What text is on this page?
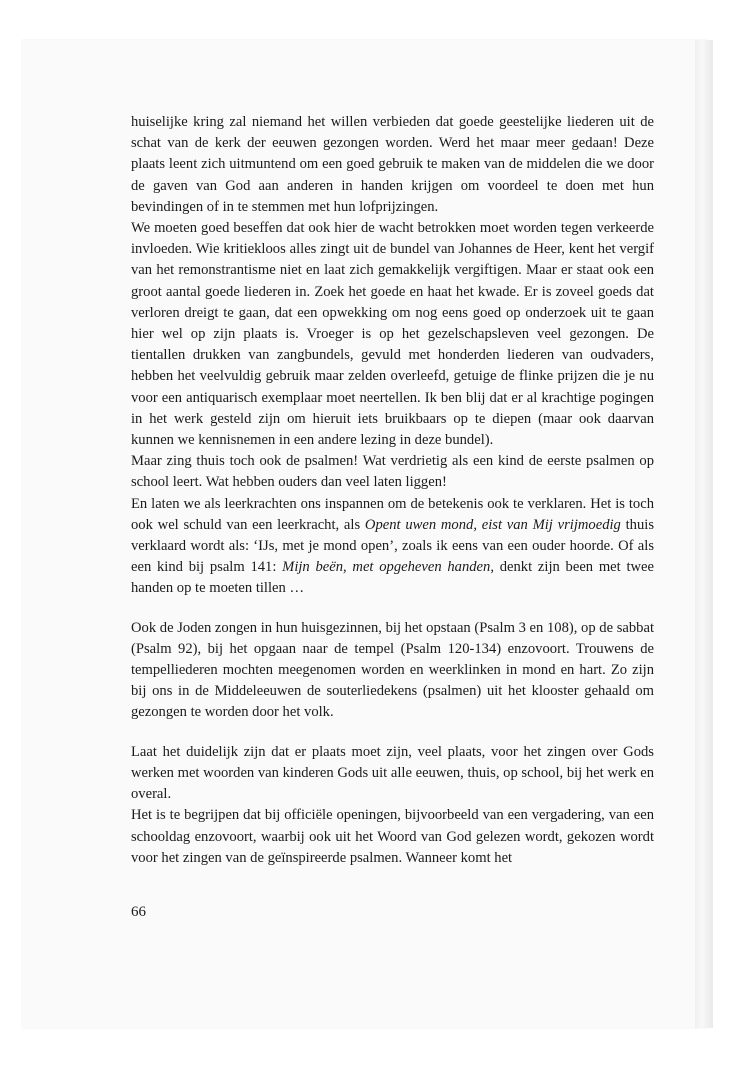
huiselijke kring zal niemand het willen verbieden dat goede geestelijke liederen uit de schat van de kerk der eeuwen gezongen worden. Werd het maar meer gedaan! Deze plaats leent zich uitmuntend om een goed gebruik te maken van de middelen die we door de gaven van God aan anderen in handen krijgen om voordeel te doen met hun bevindingen of in te stemmen met hun lofprijzingen.

We moeten goed beseffen dat ook hier de wacht betrokken moet worden tegen verkeerde invloeden. Wie kritiekloos alles zingt uit de bundel van Johannes de Heer, kent het vergif van het remonstrantisme niet en laat zich gemakkelijk vergiftigen. Maar er staat ook een groot aantal goede liederen in. Zoek het goede en haat het kwade. Er is zoveel goeds dat verloren dreigt te gaan, dat een opwekking om nog eens goed op onderzoek uit te gaan hier wel op zijn plaats is. Vroeger is op het gezelschapsleven veel gezongen. De tientallen drukken van zangbundels, gevuld met honderden liederen van oudvaders, hebben het veelvuldig gebruik maar zelden overleefd, getuige de flinke prijzen die je nu voor een antiquarisch exemplaar moet neertellen. Ik ben blij dat er al krachtige pogingen in het werk gesteld zijn om hieruit iets bruikbaars op te diepen (maar ook daarvan kunnen we kennisnemen in een andere lezing in deze bundel).

Maar zing thuis toch ook de psalmen! Wat verdrietig als een kind de eerste psalmen op school leert. Wat hebben ouders dan veel laten liggen!

En laten we als leerkrachten ons inspannen om de betekenis ook te verklaren. Het is toch ook wel schuld van een leerkracht, als Opent uwen mond, eist van Mij vrijmoedig thuis verklaard wordt als: ‘IJs, met je mond open’, zoals ik eens van een ouder hoorde. Of als een kind bij psalm 141: Mijn beën, met opgeheven handen, denkt zijn been met twee handen op te moeten tillen …

Ook de Joden zongen in hun huisgezinnen, bij het opstaan (Psalm 3 en 108), op de sabbat (Psalm 92), bij het opgaan naar de tempel (Psalm 120-134) enzovoort. Trouwens de tempelliederen mochten meegenomen worden en weerklinken in mond en hart. Zo zijn bij ons in de Middeleeuwen de souterliedekens (psalmen) uit het klooster gehaald om gezongen te worden door het volk.

Laat het duidelijk zijn dat er plaats moet zijn, veel plaats, voor het zingen over Gods werken met woorden van kinderen Gods uit alle eeuwen, thuis, op school, bij het werk en overal.

Het is te begrijpen dat bij officiële openingen, bijvoorbeeld van een vergadering, van een schooldag enzovoort, waarbij ook uit het Woord van God gelezen wordt, gekozen wordt voor het zingen van de geïnspireerde psalmen. Wanneer komt het

66
